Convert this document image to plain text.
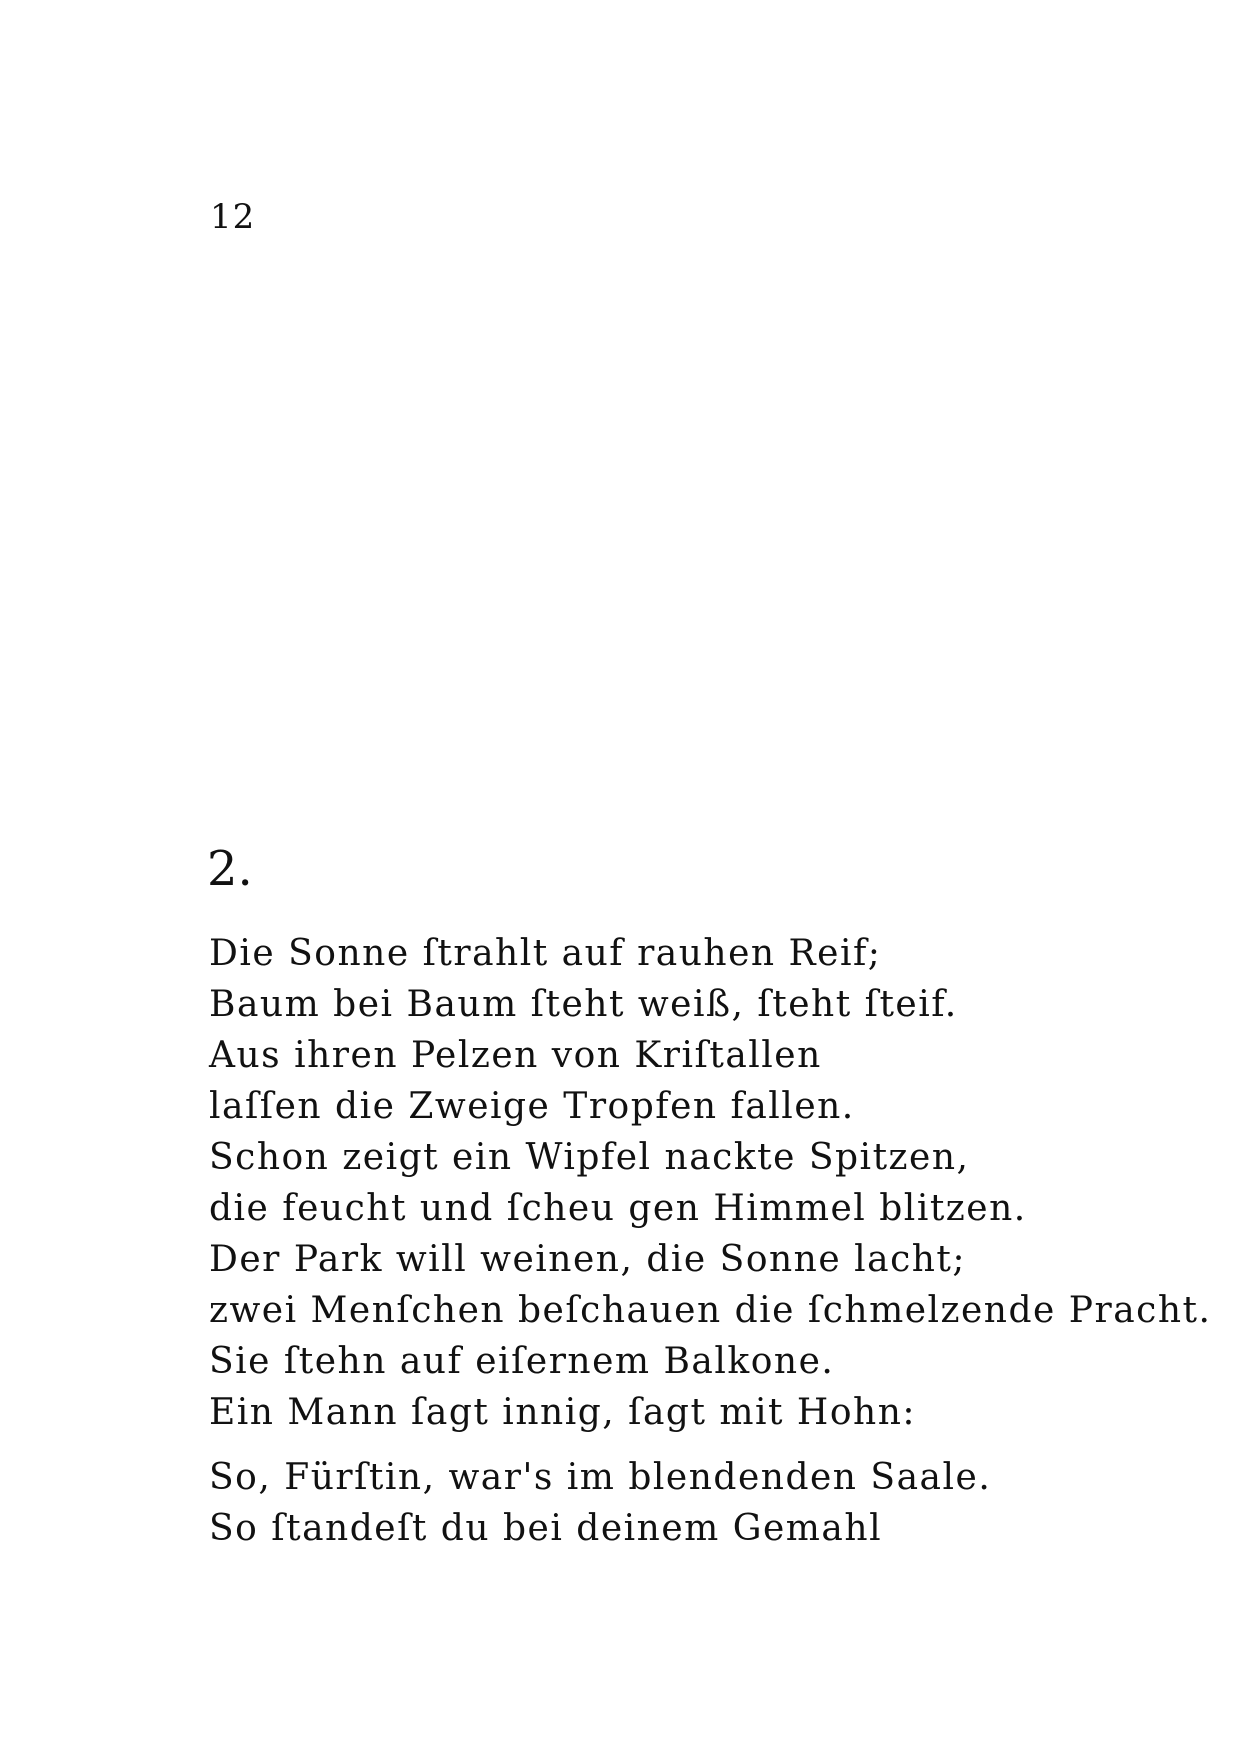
12
2.
Die Sonne ſtrahlt auf rauhen Reif;
Baum bei Baum ſteht weiß, ſteht ſteif.
Aus ihren Pelzen von Kriſtallen
laſſen die Zweige Tropfen fallen.
Schon zeigt ein Wipfel nackte Spitzen,
die feucht und ſcheu gen Himmel blitzen.
Der Park will weinen, die Sonne lacht;
zwei Menſchen beſchauen die ſchmelzende Pracht.
Sie ſtehn auf eiſernem Balkone.
Ein Mann ſagt innig, ſagt mit Hohn:
So, Fürſtin, war's im blendenden Saale.
So ſtandeſt du bei deinem Gemahl
